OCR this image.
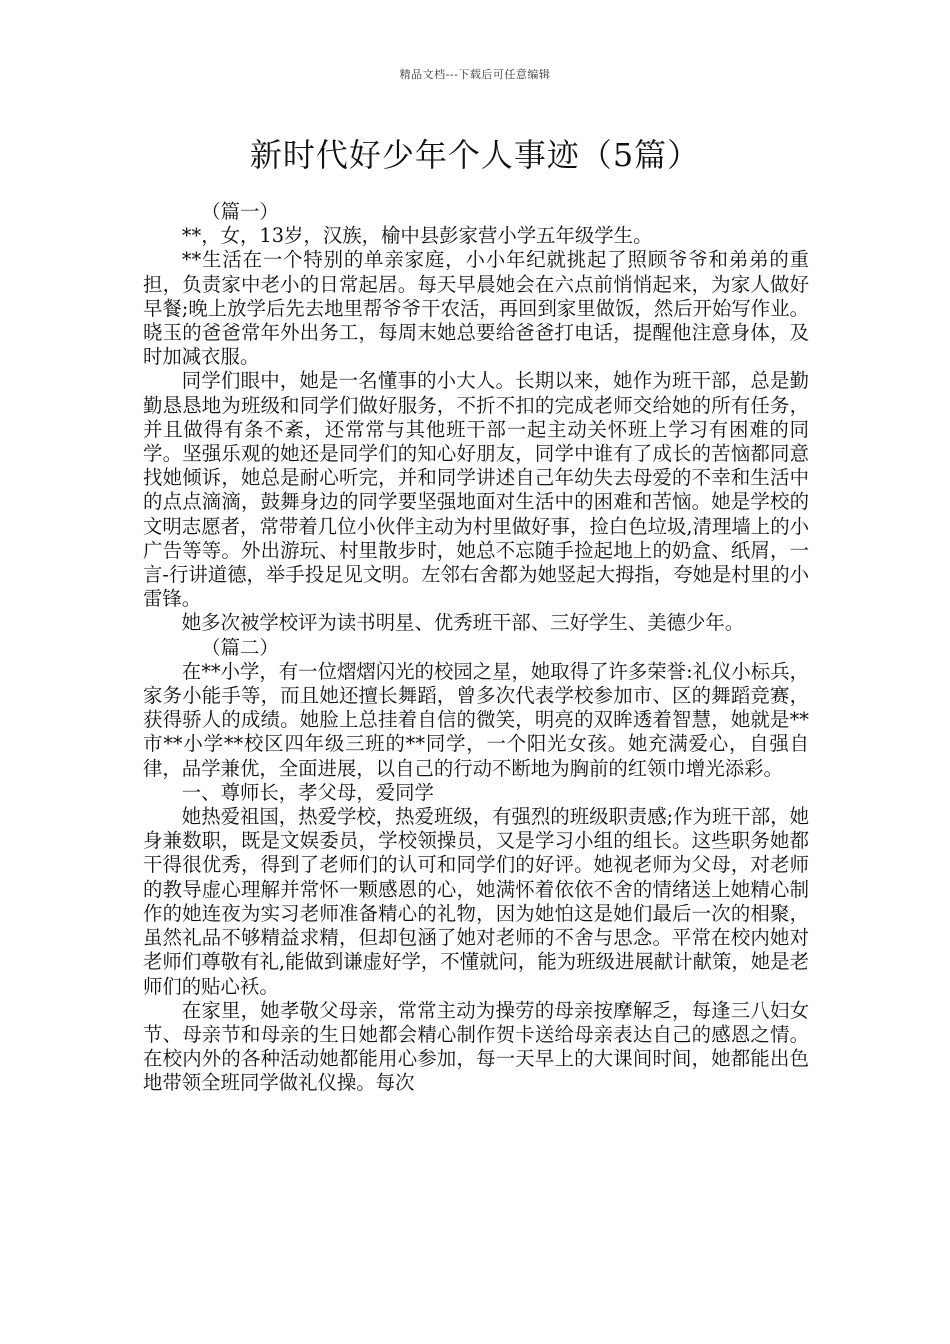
精品文档---下载后可任意编辑
新时代好少年个人事迹（5篇）

（篇一）

**，女，13岁，汉族，榆中县彭家营小学五年级学生。

**生活在一个特别的单亲家庭，小小年纪就挑起了照顾爷爷和弟弟的重担，负责家中老小的日常起居。每天早晨她会在六点前悄悄起来，为家人做好早餐;晚上放学后先去地里帮爷爷干农活，再回到家里做饭，然后开始写作业。晓玉的爸爸常年外出务工，每周末她总要给爸爸打电话，提醒他注意身体，及时加减衣服。

同学们眼中，她是一名懂事的小大人。长期以来，她作为班干部，总是勤勤恳恳地为班级和同学们做好服务，不折不扣的完成老师交给她的所有任务，并且做得有条不紊，还常常与其他班干部一起主动关怀班上学习有困难的同学。坚强乐观的她还是同学们的知心好朋友，同学中谁有了成长的苦恼都同意找她倾诉，她总是耐心听完，并和同学讲述自己年幼失去母爱的不幸和生活中的点点滴滴，鼓舞身边的同学要坚强地面对生活中的困难和苦恼。她是学校的文明志愿者，常带着几位小伙伴主动为村里做好事，捡白色垃圾,清理墙上的小广告等等。外出游玩、村里散步时，她总不忘随手捡起地上的奶盒、纸屑，一言-行讲道德，举手投足见文明。左邻右舍都为她竖起大拇指，夸她是村里的小雷锋。

她多次被学校评为读书明星、优秀班干部、三好学生、美德少年。

（篇二）

在**小学，有一位熠熠闪光的校园之星，她取得了许多荣誉:礼仪小标兵，家务小能手等，而且她还擅长舞蹈，曾多次代表学校参加市、区的舞蹈竞赛，获得骄人的成绩。她脸上总挂着自信的微笑，明亮的双眸透着智慧，她就是**市**小学**校区四年级三班的**同学，一个阳光女孩。她充满爱心，自强自律，品学兼优，全面进展，以自己的行动不断地为胸前的红领巾增光添彩。

一、尊师长，孝父母，爱同学

她热爱祖国，热爱学校，热爱班级，有强烈的班级职责感;作为班干部，她身兼数职，既是文娱委员，学校领操员，又是学习小组的组长。这些职务她都干得很优秀，得到了老师们的认可和同学们的好评。她视老师为父母，对老师的教导虚心理解并常怀一颗感恩的心，她满怀着依依不舍的情绪送上她精心制作的她连夜为实习老师准备精心的礼物，因为她怕这是她们最后一次的相聚，虽然礼品不够精益求精，但却包涵了她对老师的不舍与思念。平常在校内她对老师们尊敬有礼,能做到谦虚好学，不懂就问，能为班级进展献计献策，她是老师们的贴心袄。

在家里，她孝敬父母亲，常常主动为操劳的母亲按摩解乏，每逢三八妇女节、母亲节和母亲的生日她都会精心制作贺卡送给母亲表达自己的感恩之情。在校内外的各种活动她都能用心参加，每一天早上的大课间时间，她都能出色地带领全班同学做礼仪操。每次
